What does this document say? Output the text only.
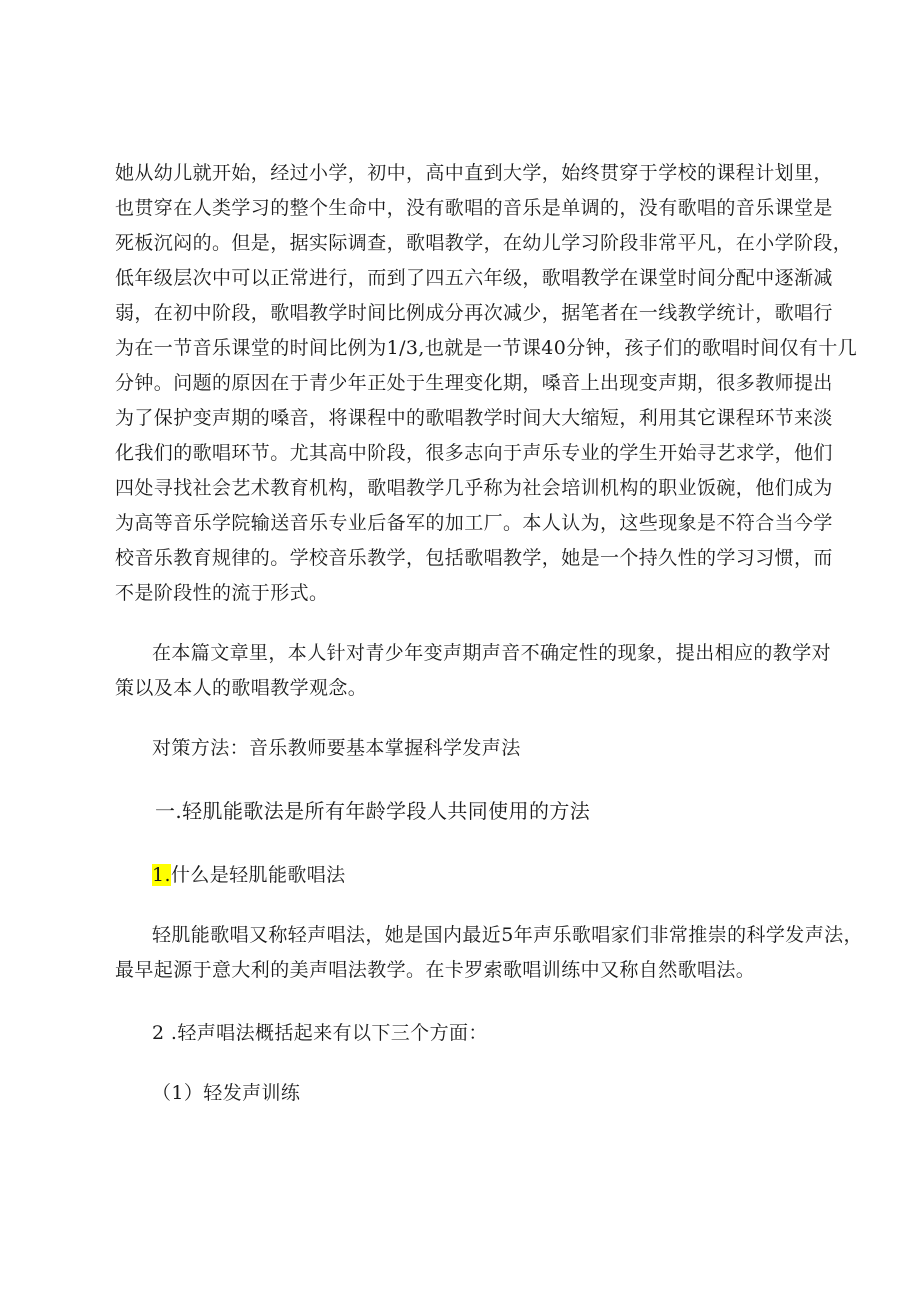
她从幼儿就开始，经过小学，初中，高中直到大学，始终贯穿于学校的课程计划里，
也贯穿在人类学习的整个生命中，没有歌唱的音乐是单调的，没有歌唱的音乐课堂是
死板沉闷的。但是，据实际调查，歌唱教学，在幼儿学习阶段非常平凡，在小学阶段，
低年级层次中可以正常进行，而到了四五六年级，歌唱教学在课堂时间分配中逐渐减
弱，在初中阶段，歌唱教学时间比例成分再次减少，据笔者在一线教学统计，歌唱行
为在一节音乐课堂的时间比例为1/3,也就是一节课40分钟，孩子们的歌唱时间仅有十几
分钟。问题的原因在于青少年正处于生理变化期，嗓音上出现变声期，很多教师提出
为了保护变声期的嗓音，将课程中的歌唱教学时间大大缩短，利用其它课程环节来淡
化我们的歌唱环节。尤其高中阶段，很多志向于声乐专业的学生开始寻艺求学，他们
四处寻找社会艺术教育机构，歌唱教学几乎称为社会培训机构的职业饭碗，他们成为
为高等音乐学院输送音乐专业后备军的加工厂。本人认为，这些现象是不符合当今学
校音乐教育规律的。学校音乐教学，包括歌唱教学，她是一个持久性的学习习惯，而
不是阶段性的流于形式。
在本篇文章里，本人针对青少年变声期声音不确定性的现象，提出相应的教学对
策以及本人的歌唱教学观念。
对策方法：音乐教师要基本掌握科学发声法
一.轻肌能歌法是所有年龄学段人共同使用的方法
1.什么是轻肌能歌唱法
轻肌能歌唱又称轻声唱法，她是国内最近5年声乐歌唱家们非常推崇的科学发声法，
最早起源于意大利的美声唱法教学。在卡罗索歌唱训练中又称自然歌唱法。
2 .轻声唱法概括起来有以下三个方面：
（1）轻发声训练
